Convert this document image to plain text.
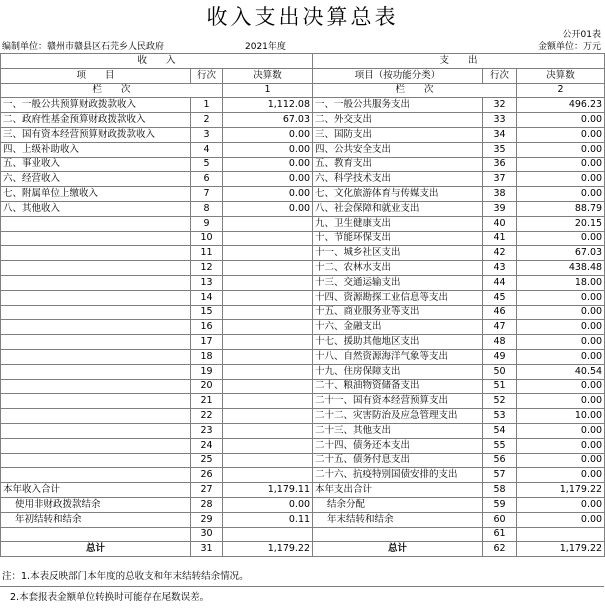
收入支出决算总表
公开01表
编制单位：赣州市赣县区石芫乡人民政府	2021年度	金额单位：万元
收　　入			支　　出		
项　　目	行次	决算数	项目（按功能分类）	行次	决算数
栏　　次		1	栏　　次		2
一、一般公共预算财政拨款收入	1	1,112.08	一、一般公共服务支出	32	496.23
二、政府性基金预算财政拨款收入	2	67.03	二、外交支出	33	0.00
三、国有资本经营预算财政拨款收入	3	0.00	三、国防支出	34	0.00
四、上级补助收入	4	0.00	四、公共安全支出	35	0.00
五、事业收入	5	0.00	五、教育支出	36	0.00
六、经营收入	6	0.00	六、科学技术支出	37	0.00
七、附属单位上缴收入	7	0.00	七、文化旅游体育与传媒支出	38	0.00
八、其他收入	8	0.00	八、社会保障和就业支出	39	88.79
	9		九、卫生健康支出	40	20.15
	10		十、节能环保支出	41	0.00
	11		十一、城乡社区支出	42	67.03
	12		十二、农林水支出	43	438.48
	13		十三、交通运输支出	44	18.00
	14		十四、资源勘探工业信息等支出	45	0.00
	15		十五、商业服务业等支出	46	0.00
	16		十六、金融支出	47	0.00
	17		十七、援助其他地区支出	48	0.00
	18		十八、自然资源海洋气象等支出	49	0.00
	19		十九、住房保障支出	50	40.54
	20		二十、粮油物资储备支出	51	0.00
	21		二十一、国有资本经营预算支出	52	0.00
	22		二十二、灾害防治及应急管理支出	53	10.00
	23		二十三、其他支出	54	0.00
	24		二十四、债务还本支出	55	0.00
	25		二十五、债务付息支出	56	0.00
	26		二十六、抗疫特别国债安排的支出	57	0.00
本年收入合计	27	1,179.11	本年支出合计	58	1,179.22
使用非财政拨款结余	28	0.00	结余分配	59	0.00
年初结转和结余	29	0.11	年末结转和结余	60	0.00
	30			61	
总计	31	1,179.22	总计	62	1,179.22
注：1.本表反映部门本年度的总收支和年末结转结余情况。
2.本套报表金额单位转换时可能存在尾数误差。
